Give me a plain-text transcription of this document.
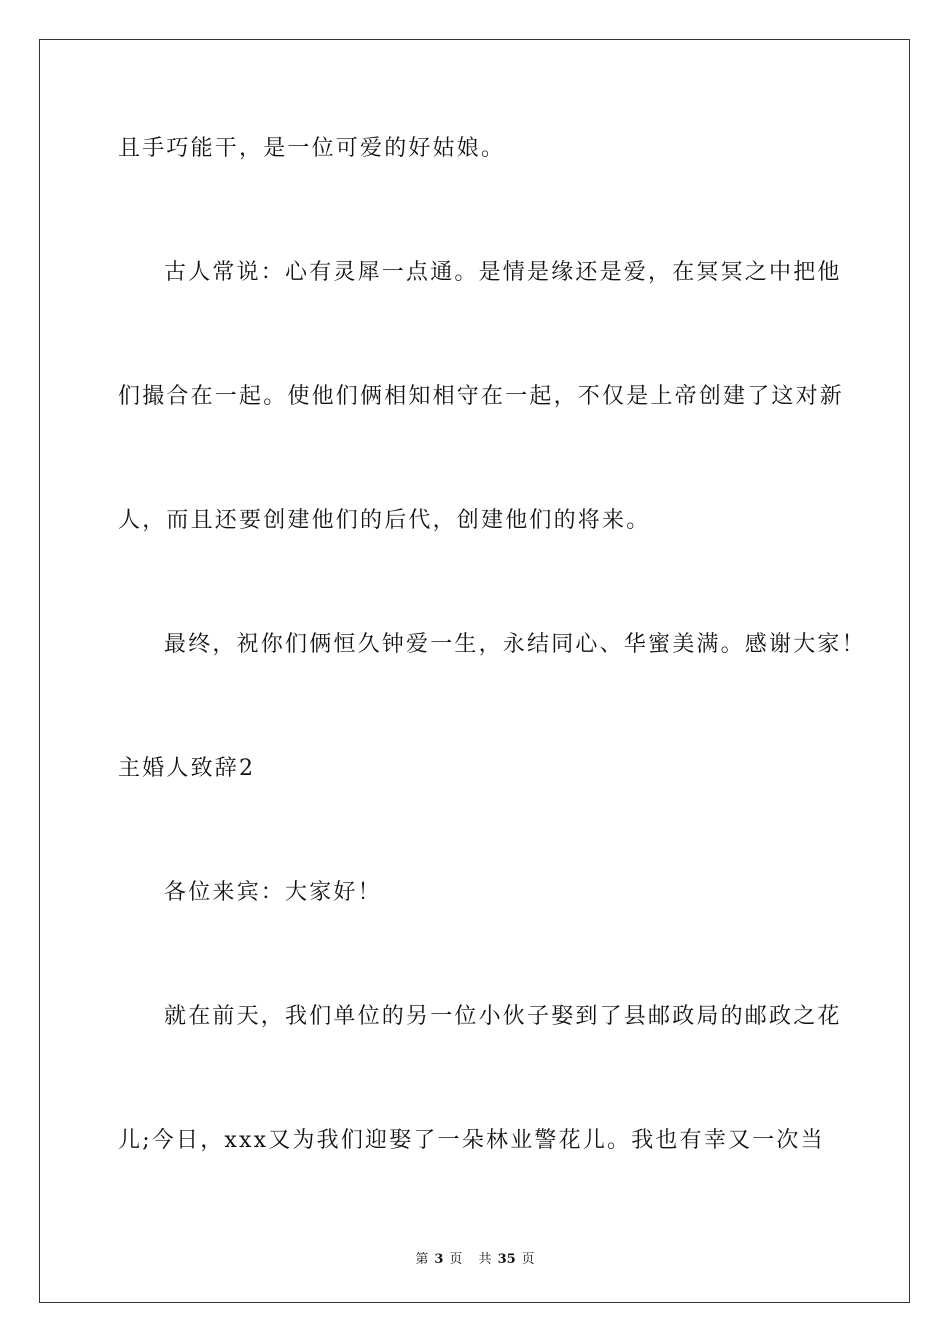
且手巧能干，是一位可爱的好姑娘。
古人常说：心有灵犀一点通。是情是缘还是爱，在冥冥之中把他
们撮合在一起。使他们俩相知相守在一起，不仅是上帝创建了这对新
人，而且还要创建他们的后代，创建他们的将来。
最终，祝你们俩恒久钟爱一生，永结同心、华蜜美满。感谢大家！
主婚人致辞2
各位来宾：大家好！
就在前天，我们单位的另一位小伙子娶到了县邮政局的邮政之花
儿;今日，xxx又为我们迎娶了一朵林业警花儿。我也有幸又一次当
第 3 页 共 35 页
